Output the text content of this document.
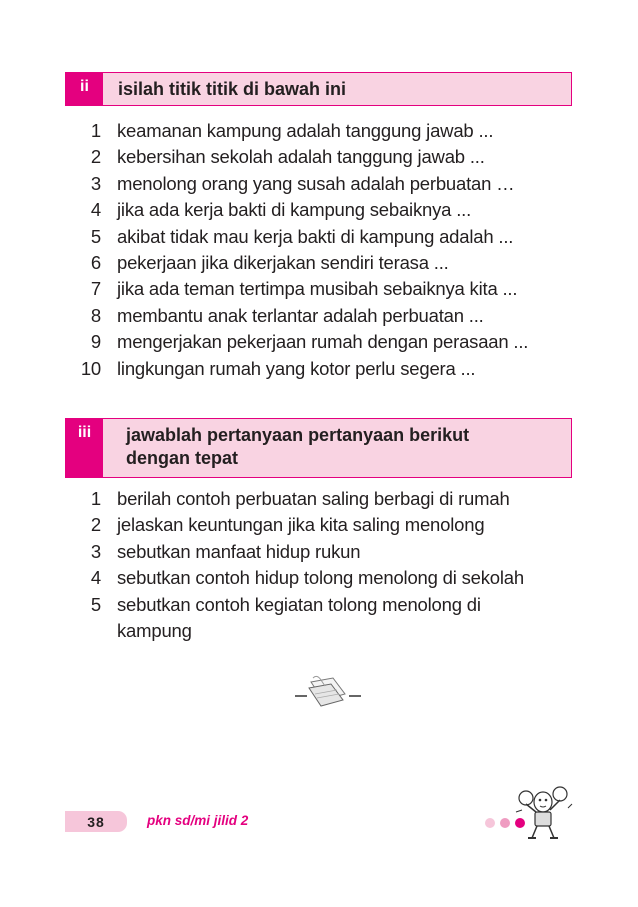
ii	isilah titik titik di bawah ini
1 keamanan kampung adalah tanggung jawab ...
2 kebersihan sekolah adalah tanggung jawab ...
3 menolong orang yang susah adalah perbuatan …
4 jika ada kerja bakti di kampung sebaiknya ...
5 akibat tidak mau kerja bakti di kampung adalah ...
6 pekerjaan jika dikerjakan sendiri terasa ...
7 jika ada teman tertimpa musibah sebaiknya kita ...
8 membantu anak terlantar adalah perbuatan ...
9 mengerjakan pekerjaan rumah dengan perasaan ...
10 lingkungan rumah yang kotor perlu segera ...
iii	jawablah pertanyaan pertanyaan berikut
dengan tepat
1 berilah contoh perbuatan saling berbagi di rumah
2 jelaskan keuntungan jika kita saling menolong
3 sebutkan manfaat hidup rukun
4 sebutkan contoh hidup tolong menolong di sekolah
5 sebutkan contoh kegiatan tolong menolong di kampung
38	pkn sd/mi jilid 2
